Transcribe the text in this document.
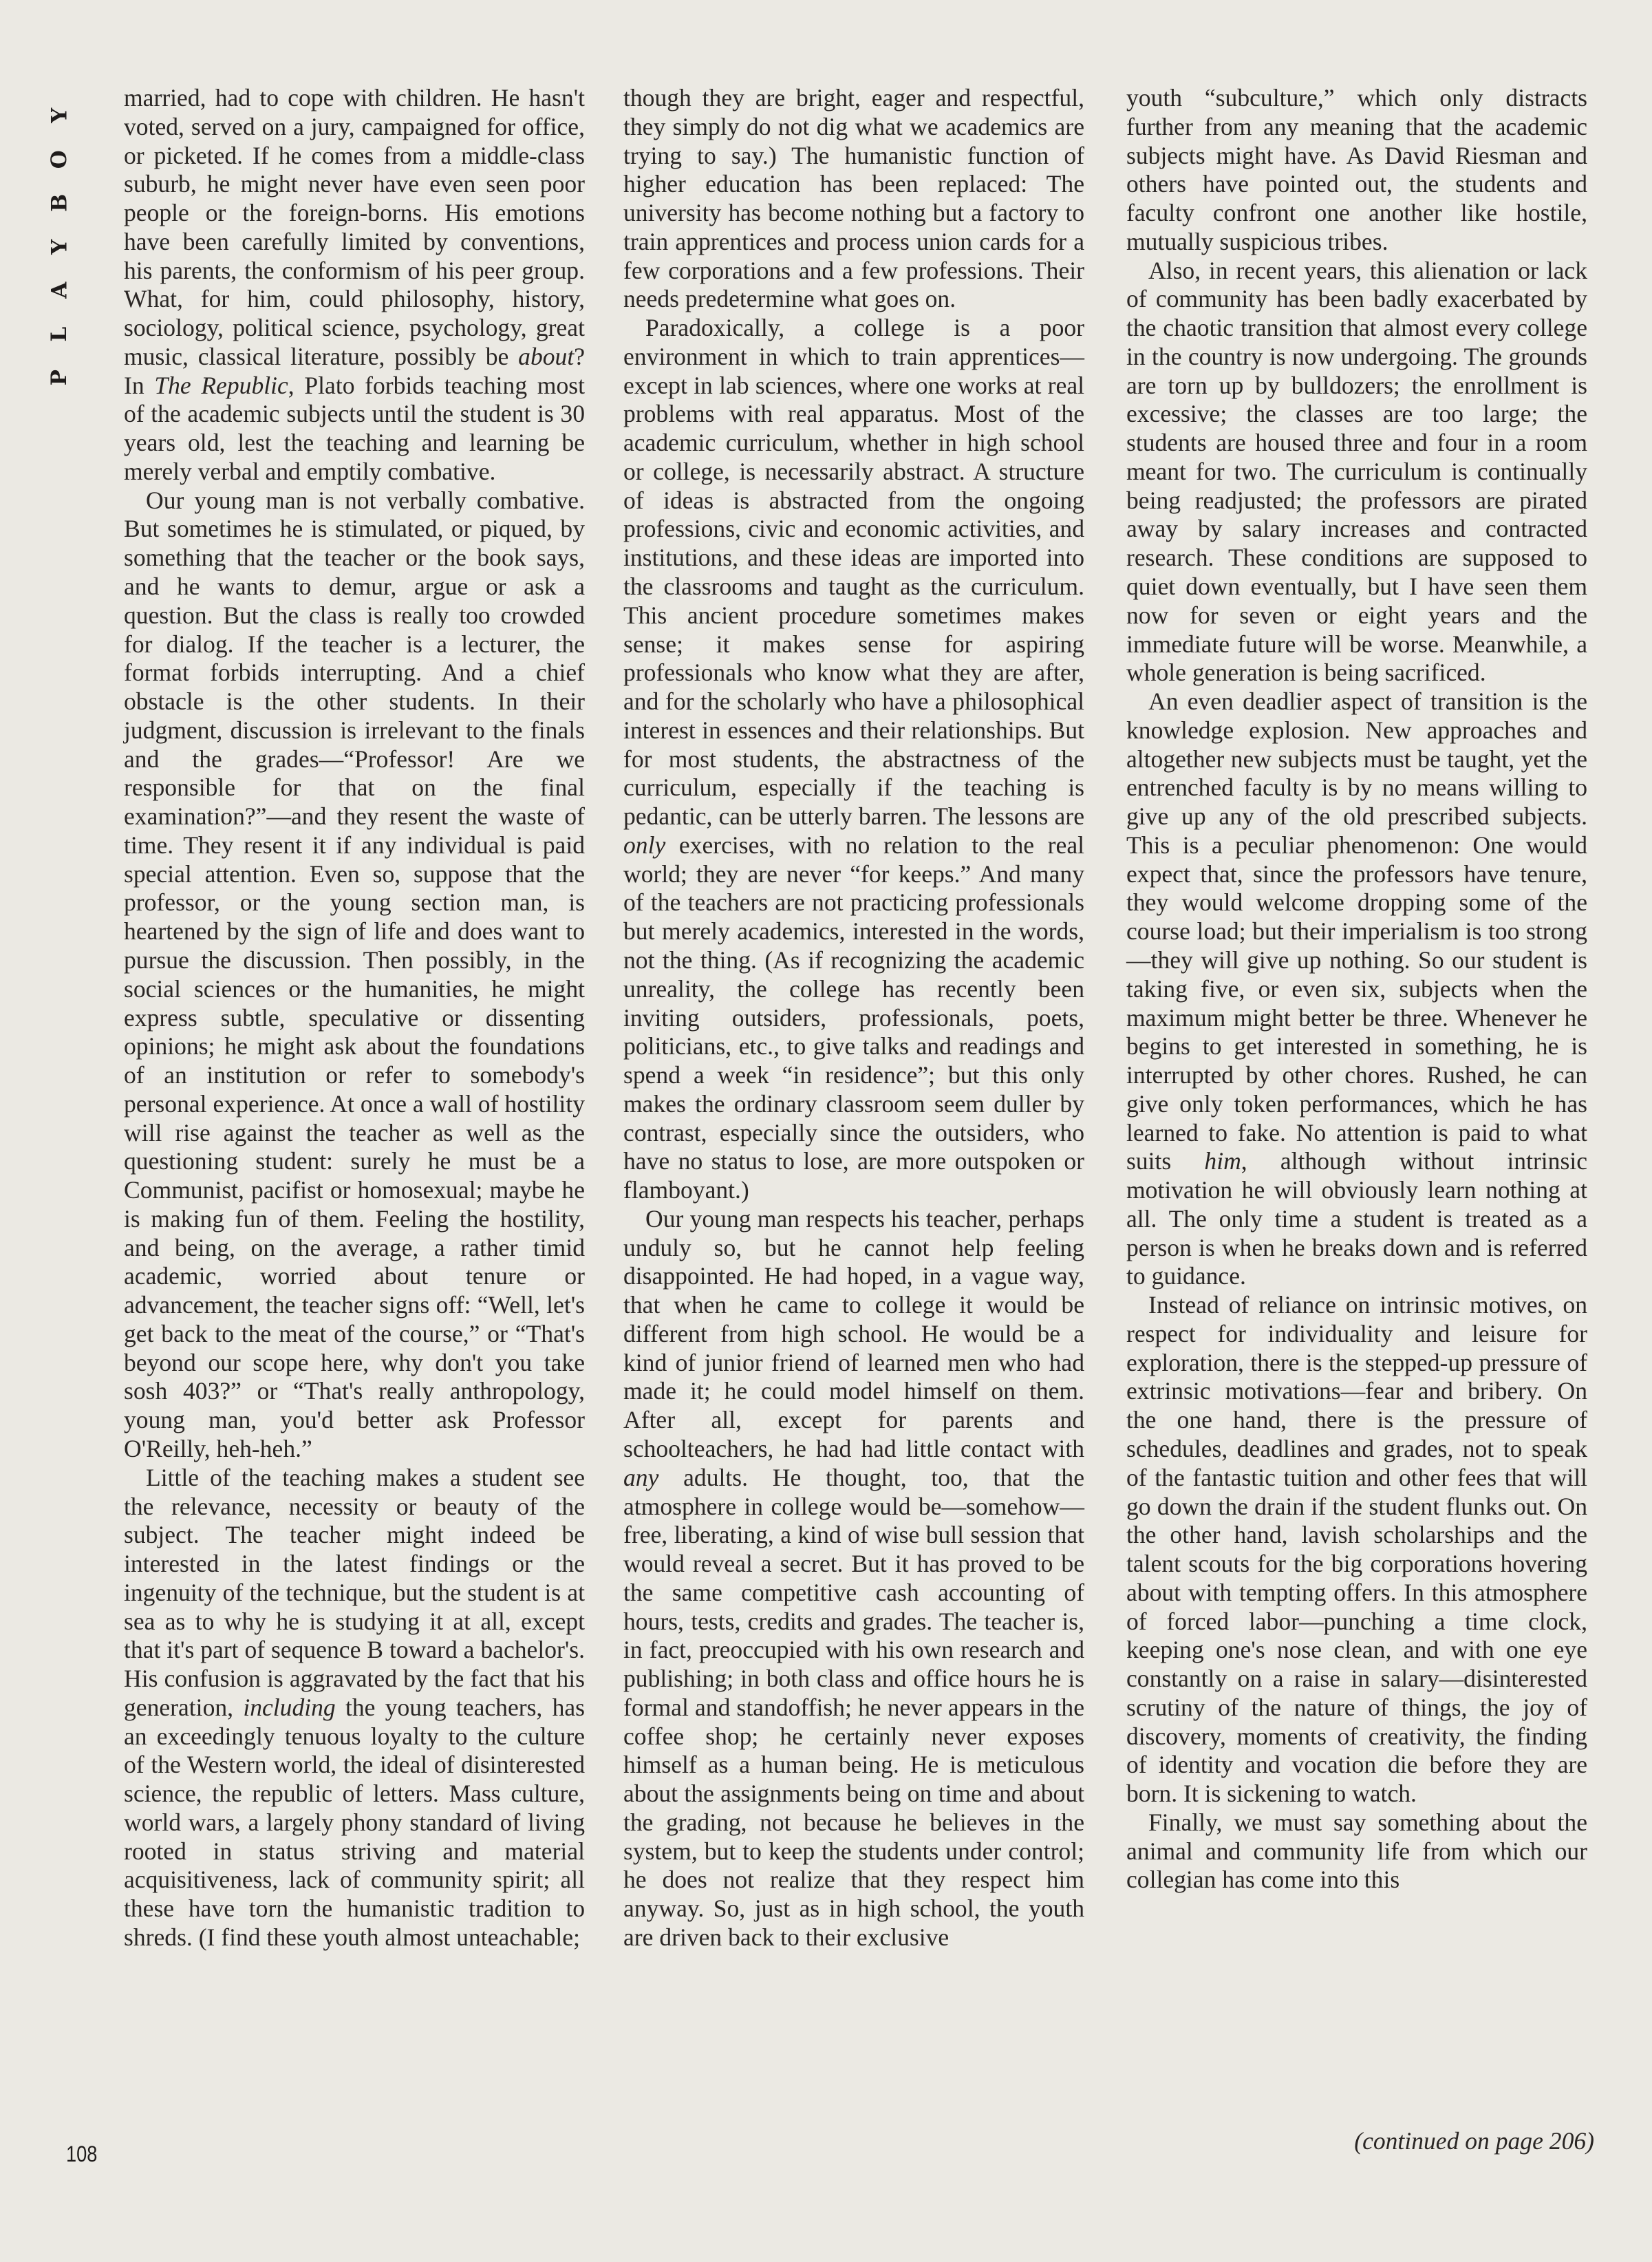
Y
O
B
Y
A
L
P

married, had to cope with children. He hasn't voted, served on a jury, campaigned for office, or picketed. If he comes from a middle-class suburb, he might never have even seen poor people or the foreign-borns. His emotions have been carefully limited by conventions, his parents, the conformism of his peer group. What, for him, could philosophy, history, sociology, political science, psychology, great music, classical literature, possibly be about? In The Republic, Plato forbids teaching most of the academic subjects until the student is 30 years old, lest the teaching and learning be merely verbal and emptily combative.

Our young man is not verbally combative. But sometimes he is stimulated, or piqued, by something that the teacher or the book says, and he wants to demur, argue or ask a question. But the class is really too crowded for dialog. If the teacher is a lecturer, the format forbids interrupting. And a chief obstacle is the other students. In their judgment, discussion is irrelevant to the finals and the grades—“Professor! Are we responsible for that on the final examination?”—and they resent the waste of time. They resent it if any individual is paid special attention. Even so, suppose that the professor, or the young section man, is heartened by the sign of life and does want to pursue the discussion. Then possibly, in the social sciences or the humanities, he might express subtle, speculative or dissenting opinions; he might ask about the foundations of an institution or refer to somebody's personal experience. At once a wall of hostility will rise against the teacher as well as the questioning student: surely he must be a Communist, pacifist or homosexual; maybe he is making fun of them. Feeling the hostility, and being, on the average, a rather timid academic, worried about tenure or advancement, the teacher signs off: “Well, let's get back to the meat of the course,” or “That's beyond our scope here, why don't you take sosh 403?” or “That's really anthropology, young man, you'd better ask Professor O'Reilly, heh-heh.”

Little of the teaching makes a student see the relevance, necessity or beauty of the subject. The teacher might indeed be interested in the latest findings or the ingenuity of the technique, but the student is at sea as to why he is studying it at all, except that it's part of sequence B toward a bachelor's. His confusion is aggravated by the fact that his generation, including the young teachers, has an exceedingly tenuous loyalty to the culture of the Western world, the ideal of disinterested science, the republic of letters. Mass culture, world wars, a largely phony standard of living rooted in status striving and material acquisitiveness, lack of community spirit; all these have torn the humanistic tradition to shreds. (I find these youth almost unteachable;

though they are bright, eager and respectful, they simply do not dig what we academics are trying to say.) The humanistic function of higher education has been replaced: The university has become nothing but a factory to train apprentices and process union cards for a few corporations and a few professions. Their needs predetermine what goes on.

Paradoxically, a college is a poor environment in which to train apprentices—except in lab sciences, where one works at real problems with real apparatus. Most of the academic curriculum, whether in high school or college, is necessarily abstract. A structure of ideas is abstracted from the ongoing professions, civic and economic activities, and institutions, and these ideas are imported into the classrooms and taught as the curriculum. This ancient procedure sometimes makes sense; it makes sense for aspiring professionals who know what they are after, and for the scholarly who have a philosophical interest in essences and their relationships. But for most students, the abstractness of the curriculum, especially if the teaching is pedantic, can be utterly barren. The lessons are only exercises, with no relation to the real world; they are never “for keeps.” And many of the teachers are not practicing professionals but merely academics, interested in the words, not the thing. (As if recognizing the academic unreality, the college has recently been inviting outsiders, professionals, poets, politicians, etc., to give talks and readings and spend a week “in residence”; but this only makes the ordinary classroom seem duller by contrast, especially since the outsiders, who have no status to lose, are more outspoken or flamboyant.)

Our young man respects his teacher, perhaps unduly so, but he cannot help feeling disappointed. He had hoped, in a vague way, that when he came to college it would be different from high school. He would be a kind of junior friend of learned men who had made it; he could model himself on them. After all, except for parents and schoolteachers, he had had little contact with any adults. He thought, too, that the atmosphere in college would be—somehow—free, liberating, a kind of wise bull session that would reveal a secret. But it has proved to be the same competitive cash accounting of hours, tests, credits and grades. The teacher is, in fact, preoccupied with his own research and publishing; in both class and office hours he is formal and standoffish; he never appears in the coffee shop; he certainly never exposes himself as a human being. He is meticulous about the assignments being on time and about the grading, not because he believes in the system, but to keep the students under control; he does not realize that they respect him anyway. So, just as in high school, the youth are driven back to their exclusive

youth “subculture,” which only distracts further from any meaning that the academic subjects might have. As David Riesman and others have pointed out, the students and faculty confront one another like hostile, mutually suspicious tribes.

Also, in recent years, this alienation or lack of community has been badly exacerbated by the chaotic transition that almost every college in the country is now undergoing. The grounds are torn up by bulldozers; the enrollment is excessive; the classes are too large; the students are housed three and four in a room meant for two. The curriculum is continually being readjusted; the professors are pirated away by salary increases and contracted research. These conditions are supposed to quiet down eventually, but I have seen them now for seven or eight years and the immediate future will be worse. Meanwhile, a whole generation is being sacrificed.

An even deadlier aspect of transition is the knowledge explosion. New approaches and altogether new subjects must be taught, yet the entrenched faculty is by no means willing to give up any of the old prescribed subjects. This is a peculiar phenomenon: One would expect that, since the professors have tenure, they would welcome dropping some of the course load; but their imperialism is too strong—they will give up nothing. So our student is taking five, or even six, subjects when the maximum might better be three. Whenever he begins to get interested in something, he is interrupted by other chores. Rushed, he can give only token performances, which he has learned to fake. No attention is paid to what suits him, although without intrinsic motivation he will obviously learn nothing at all. The only time a student is treated as a person is when he breaks down and is referred to guidance.

Instead of reliance on intrinsic motives, on respect for individuality and leisure for exploration, there is the stepped-up pressure of extrinsic motivations—fear and bribery. On the one hand, there is the pressure of schedules, deadlines and grades, not to speak of the fantastic tuition and other fees that will go down the drain if the student flunks out. On the other hand, lavish scholarships and the talent scouts for the big corporations hovering about with tempting offers. In this atmosphere of forced labor—punching a time clock, keeping one's nose clean, and with one eye constantly on a raise in salary—disinterested scrutiny of the nature of things, the joy of discovery, moments of creativity, the finding of identity and vocation die before they are born. It is sickening to watch.

Finally, we must say something about the animal and community life from which our collegian has come into this

(continued on page 206)
108
